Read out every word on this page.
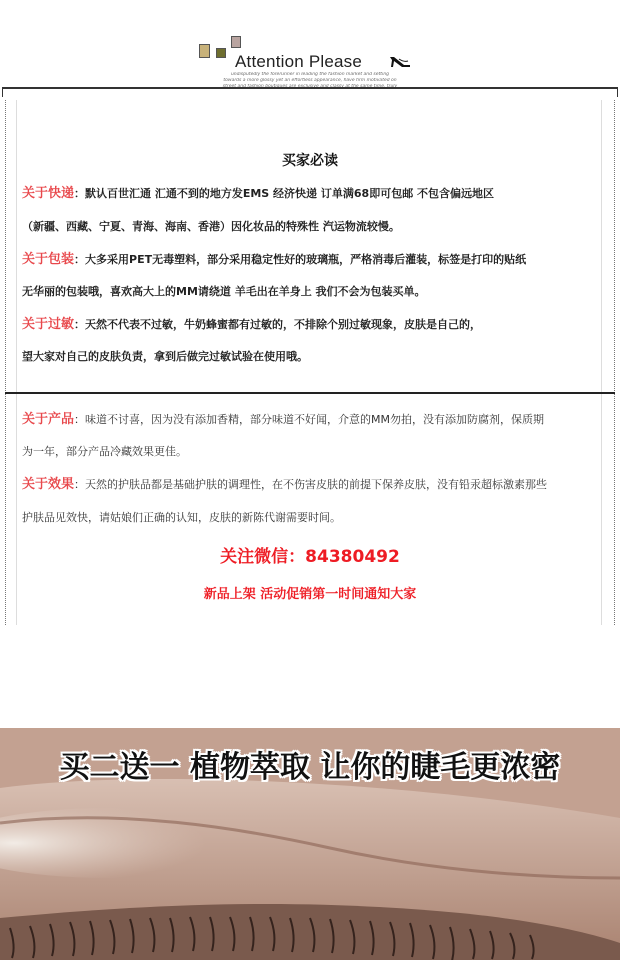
Attention Please
undisputedly the forerunner in leading the fashion market and setting
towards a more glossy yet an effortless appearance, have firm motivated on
street and fashion boutiques are exclusive and classy at the same time. truly
买家必读
关于快递：默认百世汇通 汇通不到的地方发EMS 经济快递 订单满68即可包邮 不包含偏远地区
（新疆、西藏、宁夏、青海、海南、香港）因化妆品的特殊性 汽运物流较慢。
关于包装：大多采用PET无毒塑料，部分采用稳定性好的玻璃瓶，严格消毒后灌装，标签是打印的贴纸
无华丽的包装哦，喜欢高大上的MM请绕道 羊毛出在羊身上 我们不会为包装买单。
关于过敏：天然不代表不过敏，牛奶蜂蜜都有过敏的，不排除个别过敏现象，皮肤是自己的，
望大家对自己的皮肤负责，拿到后做完过敏试验在使用哦。
关于产品：味道不讨喜，因为没有添加香精，部分味道不好闻，介意的MM勿拍，没有添加防腐剂，保质期
为一年，部分产品冷藏效果更佳。
关于效果：天然的护肤品都是基础护肤的调理性，在不伤害皮肤的前提下保养皮肤，没有铅汞超标激素那些
护肤品见效快，请姑娘们正确的认知，皮肤的新陈代谢需要时间。
关注微信：84380492
新品上架 活动促销第一时间通知大家
买二送一 植物萃取 让你的睫毛更浓密
